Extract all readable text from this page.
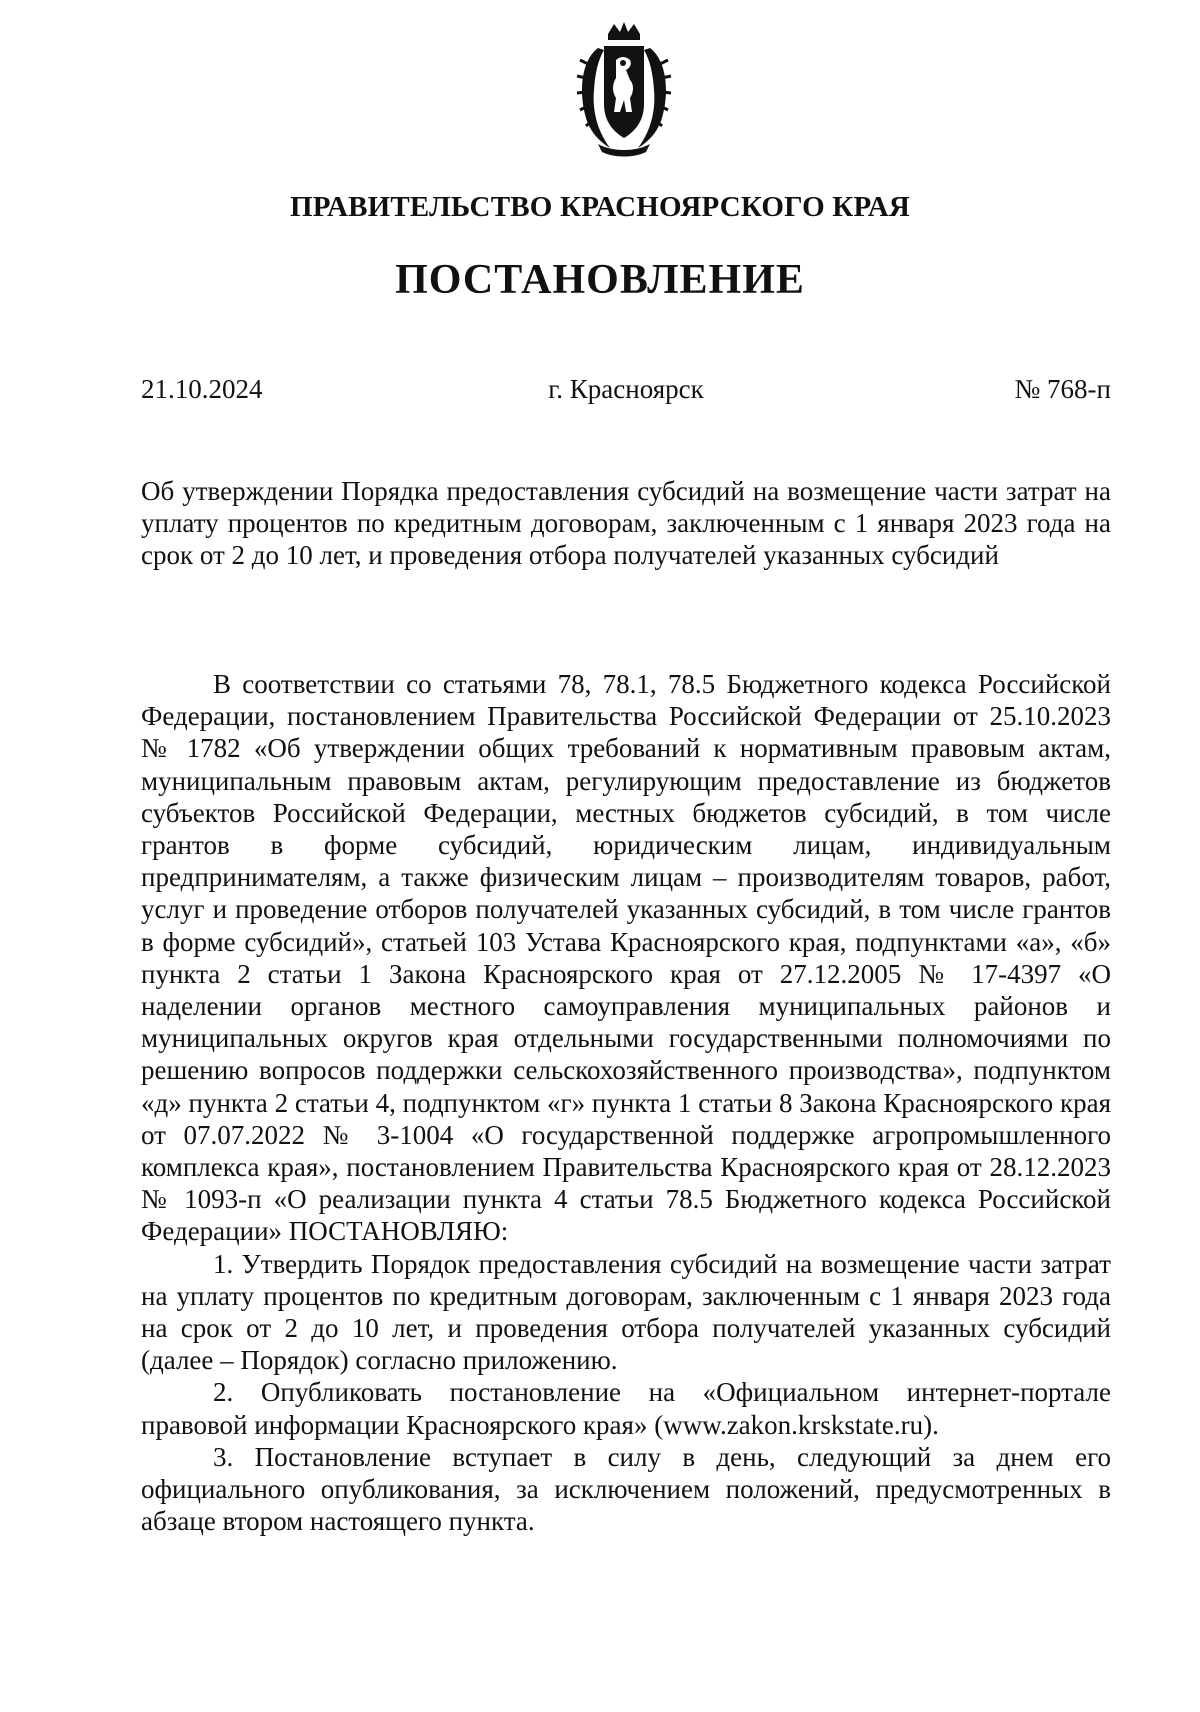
ПРАВИТЕЛЬСТВО КРАСНОЯРСКОГО КРАЯ
ПОСТАНОВЛЕНИЕ
г. Красноярск
21.10.2024	№ 768-п
Об утверждении Порядка предоставления субсидий на возмещение части затрат на уплату процентов по кредитным договорам, заключенным с 1 января 2023 года на срок от 2 до 10 лет, и проведения отбора получателей указанных субсидий

В соответствии со статьями 78, 78.1, 78.5 Бюджетного кодекса Российской Федерации, постановлением Правительства Российской Федерации от 25.10.2023 № 1782 «Об утверждении общих требований к нормативным правовым актам, муниципальным правовым актам, регулирующим предоставление из бюджетов субъектов Российской Федерации, местных бюджетов субсидий, в том числе грантов в форме субсидий, юридическим лицам, индивидуальным предпринимателям, а также физическим лицам – производителям товаров, работ, услуг и проведение отборов получателей указанных субсидий, в том числе грантов в форме субсидий», статьей 103 Устава Красноярского края, подпунктами «а», «б» пункта 2 статьи 1 Закона Красноярского края от 27.12.2005 № 17-4397 «О наделении органов местного самоуправления муниципальных районов и муниципальных округов края отдельными государственными полномочиями по решению вопросов поддержки сельскохозяйственного производства», подпунктом «д» пункта 2 статьи 4, подпунктом «г» пункта 1 статьи 8 Закона Красноярского края от 07.07.2022 № 3-1004 «О государственной поддержке агропромышленного комплекса края», постановлением Правительства Красноярского края от 28.12.2023 № 1093-п «О реализации пункта 4 статьи 78.5 Бюджетного кодекса Российской Федерации» ПОСТАНОВЛЯЮ:

1. Утвердить Порядок предоставления субсидий на возмещение части затрат на уплату процентов по кредитным договорам, заключенным с 1 января 2023 года на срок от 2 до 10 лет, и проведения отбора получателей указанных субсидий (далее – Порядок) согласно приложению.

2. Опубликовать постановление на «Официальном интернет-портале правовой информации Красноярского края» (www.zakon.krskstate.ru).

3. Постановление вступает в силу в день, следующий за днем его официального опубликования, за исключением положений, предусмотренных в абзаце втором настоящего пункта.
